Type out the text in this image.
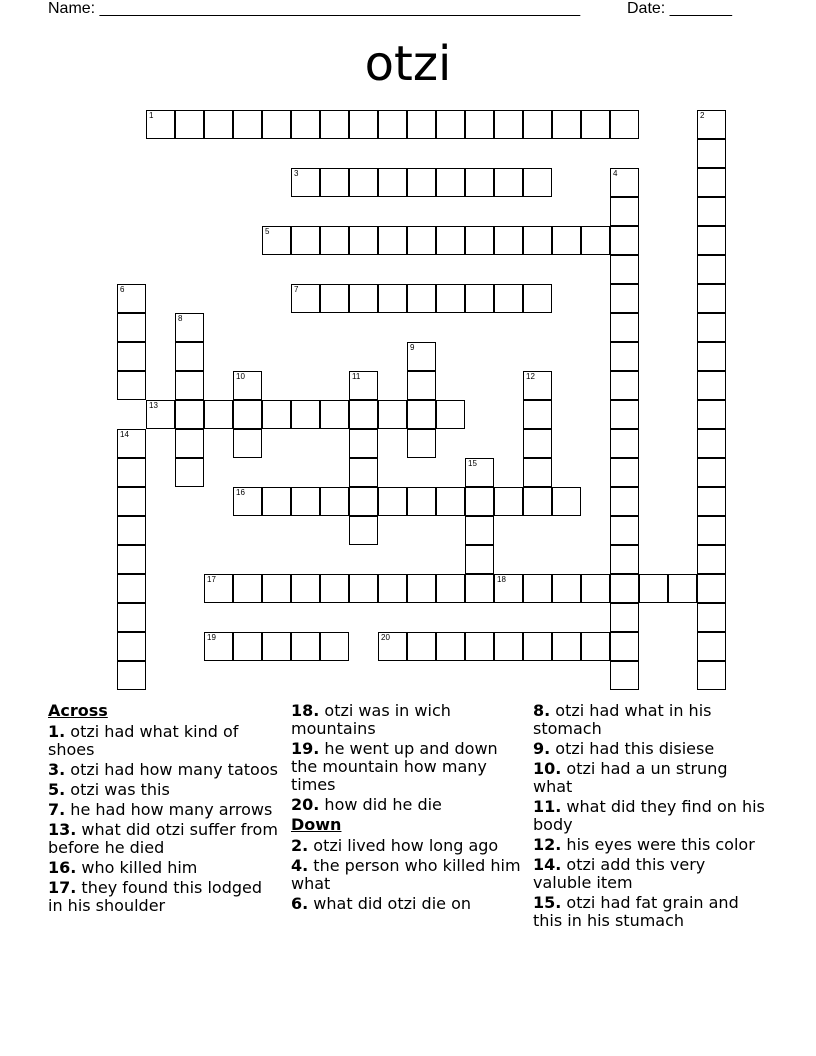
Name: ______________________________________________________	Date: _______
otzi
1	2
3	4
5
6	7
8
9
10	11	12
13
14
15
16
17	18
19	20
Across
1. otzi had what kind of shoes
3. otzi had how many tatoos
5. otzi was this
7. he had how many arrows
13. what did otzi suffer from before he died
16. who killed him
17. they found this lodged in his shoulder
18. otzi was in wich mountains
19. he went up and down the mountain how many times
20. how did he die
Down
2. otzi lived how long ago
4. the person who killed him what
6. what did otzi die on
8. otzi had what in his stomach
9. otzi had this disiese
10. otzi had a un strung what
11. what did they find on his body
12. his eyes were this color
14. otzi add this very valuble item
15. otzi had fat grain and this in his stumach
